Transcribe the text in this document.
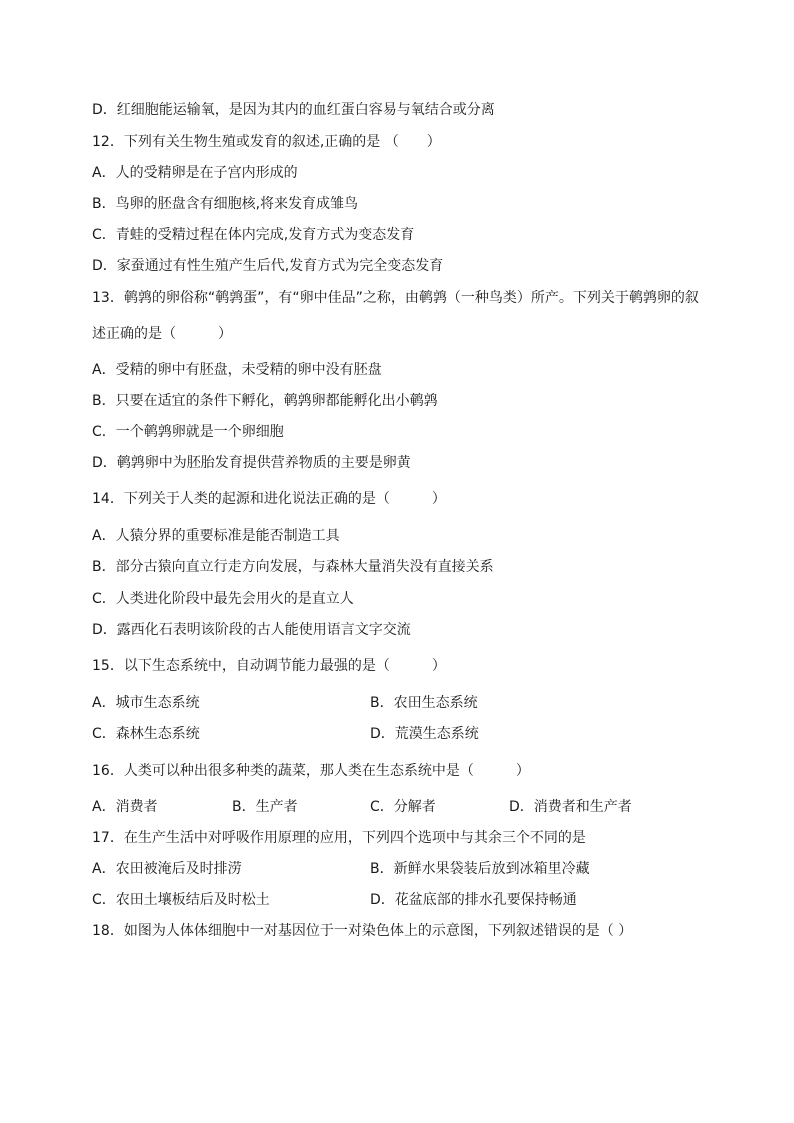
D．红细胞能运输氧，是因为其内的血红蛋白容易与氧结合或分离
12．下列有关生物生殖或发育的叙述,正确的是 （　　）
A．人的受精卵是在子宫内形成的
B．鸟卵的胚盘含有细胞核,将来发育成雏鸟
C．青蛙的受精过程在体内完成,发育方式为变态发育
D．家蚕通过有性生殖产生后代,发育方式为完全变态发育
13．鹌鹑的卵俗称“鹌鹑蛋”，有“卵中佳品”之称，由鹌鹑（一种鸟类）所产。下列关于鹌鹑卵的叙
述正确的是（　　　）
A．受精的卵中有胚盘，未受精的卵中没有胚盘
B．只要在适宜的条件下孵化，鹌鹑卵都能孵化出小鹌鹑
C．一个鹌鹑卵就是一个卵细胞
D．鹌鹑卵中为胚胎发育提供营养物质的主要是卵黄
14．下列关于人类的起源和进化说法正确的是（　　　）
A．人猿分界的重要标准是能否制造工具
B．部分古猿向直立行走方向发展，与森林大量消失没有直接关系
C．人类进化阶段中最先会用火的是直立人
D．露西化石表明该阶段的古人能使用语言文字交流
15．以下生态系统中，自动调节能力最强的是（　　　）
A．城市生态系统	B．农田生态系统
C．森林生态系统	D．荒漠生态系统
16．人类可以种出很多种类的蔬菜，那人类在生态系统中是（　　　）
A．消费者	B．生产者	C．分解者	D．消费者和生产者
17．在生产生活中对呼吸作用原理的应用，下列四个选项中与其余三个不同的是
A．农田被淹后及时排涝	B．新鲜水果袋装后放到冰箱里冷藏
C．农田土壤板结后及时松土	D．花盆底部的排水孔要保持畅通
18．如图为人体体细胞中一对基因位于一对染色体上的示意图，下列叙述错误的是（ ）
